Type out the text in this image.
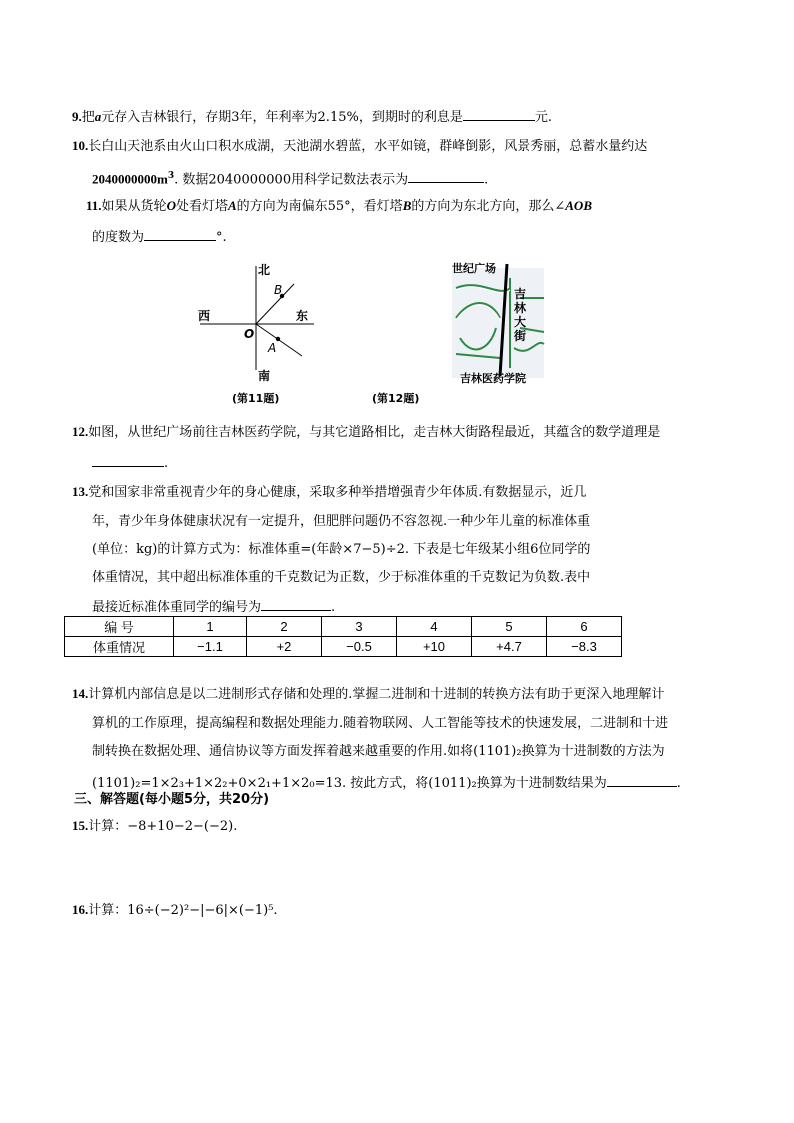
9.把a元存入吉林银行，存期3年，年利率为2.15%，到期时的利息是	元.
10.长白山天池系由火山口积水成湖，天池湖水碧蓝，水平如镜，群峰倒影，风景秀丽，总蓄水量约达
$2040000000m^3$. 数据2040000000用科学记数法表示为	.
11.如果从货轮O处看灯塔A的方向为南偏东55°，看灯塔B的方向为东北方向，那么∠AOB
的度数为	°.
北
南
西	东
O
A
B
(第11题)
世纪广场
吉
林
大
街
吉林医药学院
(第12题)
12.如图，从世纪广场前往吉林医药学院，与其它道路相比，走吉林大街路程最近，其蕴含的数学道理是
.
13.党和国家非常重视青少年的身心健康，采取多种举措增强青少年体质.有数据显示，近几
年，青少年身体健康状况有一定提升，但肥胖问题仍不容忽视.一种少年儿童的标准体重
(单位：kg)的计算方式为：标准体重=(年龄×7−5)÷2. 下表是七年级某小组6位同学的
体重情况，其中超出标准体重的千克数记为正数，少于标准体重的千克数记为负数.表中
最接近标准体重同学的编号为	.
编 号	1	2	3	4	5	6
体重情况	−1.1	+2	−0.5	+10	+4.7	−8.3
14.计算机内部信息是以二进制形式存储和处理的.掌握二进制和十进制的转换方法有助于更深入地理解计
算机的工作原理，提高编程和数据处理能力.随着物联网、人工智能等技术的快速发展，二进制和十进
制转换在数据处理、通信协议等方面发挥着越来越重要的作用.如将(1101)₂换算为十进制数的方法为
(1101)₂=1×2₃+1×2₂+0×2₁+1×2₀=13. 按此方式，将(1011)₂换算为十进制数结果为	.
三、解答题(每小题5分，共20分)
15.计算：−8+10−2−(−2).
16.计算：16÷(−2)²−|−6|×(−1)⁵.
